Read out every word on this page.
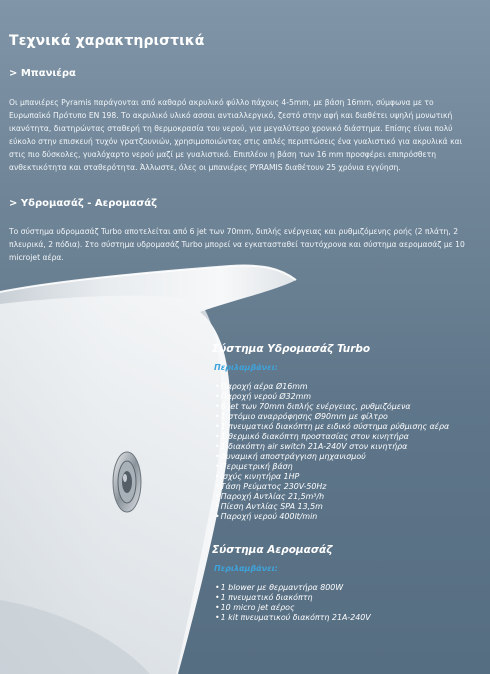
Τεχνικά χαρακτηριστικά
> Μπανιέρα
Οι μπανιέρες Pyramis παράγονται από καθαρό ακρυλικό φύλλο πάχους 4-5mm, με βάση 16mm, σύμφωνα με το Ευρωπαϊκό Πρότυπο EN 198. Το ακρυλικό υλικό ασσαι αντιαλλεργικό, ζεστό στην αφή και διαθέτει υψηλή μονωτική ικανότητα, διατηρώντας σταθερή τη θερμοκρασία του νερού, για μεγαλύτερο χρονικό διάστημα. Επίσης είναι πολύ εύκολο στην επισκευή τυχόν γρατζουνιών, χρησιμοποιώντας στις απλές περιπτώσεις ένα γυαλιστικό για ακρυλικά και στις πιο δύσκολες, γυαλόχαρτο νερού μαζί με γυαλιστικό. Επιπλέον η βάση των 16 mm προσφέρει επιπρόσθετη ανθεκτικότητα και σταθερότητα. Άλλωστε, όλες οι μπανιέρες PYRAMIS διαθέτουν 25 χρόνια εγγύηση.
> Υδρομασάζ - Αερομασάζ
Το σύστημα υδρομασάζ Turbo αποτελείται από 6 jet των 70mm, διπλής ενέργειας και ρυθμιζόμενης ροής (2 πλάτη, 2 πλευρικά, 2 πόδια). Στο σύστημα υδρομασάζ Turbo μπορεί να εγκατασταθεί ταυτόχρονα και σύστημα αερομασάζ με 10 microjet αέρα.
Σύστημα Υδρομασάζ Turbo
Περιλαμβάνει:
• Παροχή αέρα Ø16mm
• Παροχή νερού Ø32mm
• 6 jet των 70mm διπλής ενέργειας, ρυθμιζόμενα
• 1 στόμιο αναρρόφησης Ø90mm με φίλτρο
• 1 πνευματικό διακόπτη με ειδικό σύστημα ρύθμισης αέρα
• 1 θερμικό διακόπτη προστασίας στον κινητήρα
• 1 διακόπτη air switch 21A-240V στον κινητήρα
• Δυναμική αποστράγγιση μηχανισμού
• Περιμετρική βάση
• Ισχύς κινητήρα 1HP
• Τάση Ρεύματος 230V-50Hz
• Παροχή Αντλίας 21,5m³/h
• Πίεση Αντλίας SPA 13,5m
• Παροχή νερού 400lt/min
Σύστημα Αερομασάζ
Περιλαμβάνει:
• 1 blower με θερμαντήρα 800W
• 1 πνευματικό διακόπτη
• 10 micro jet αέρος
• 1 kit πνευματικού διακόπτη 21A-240V
